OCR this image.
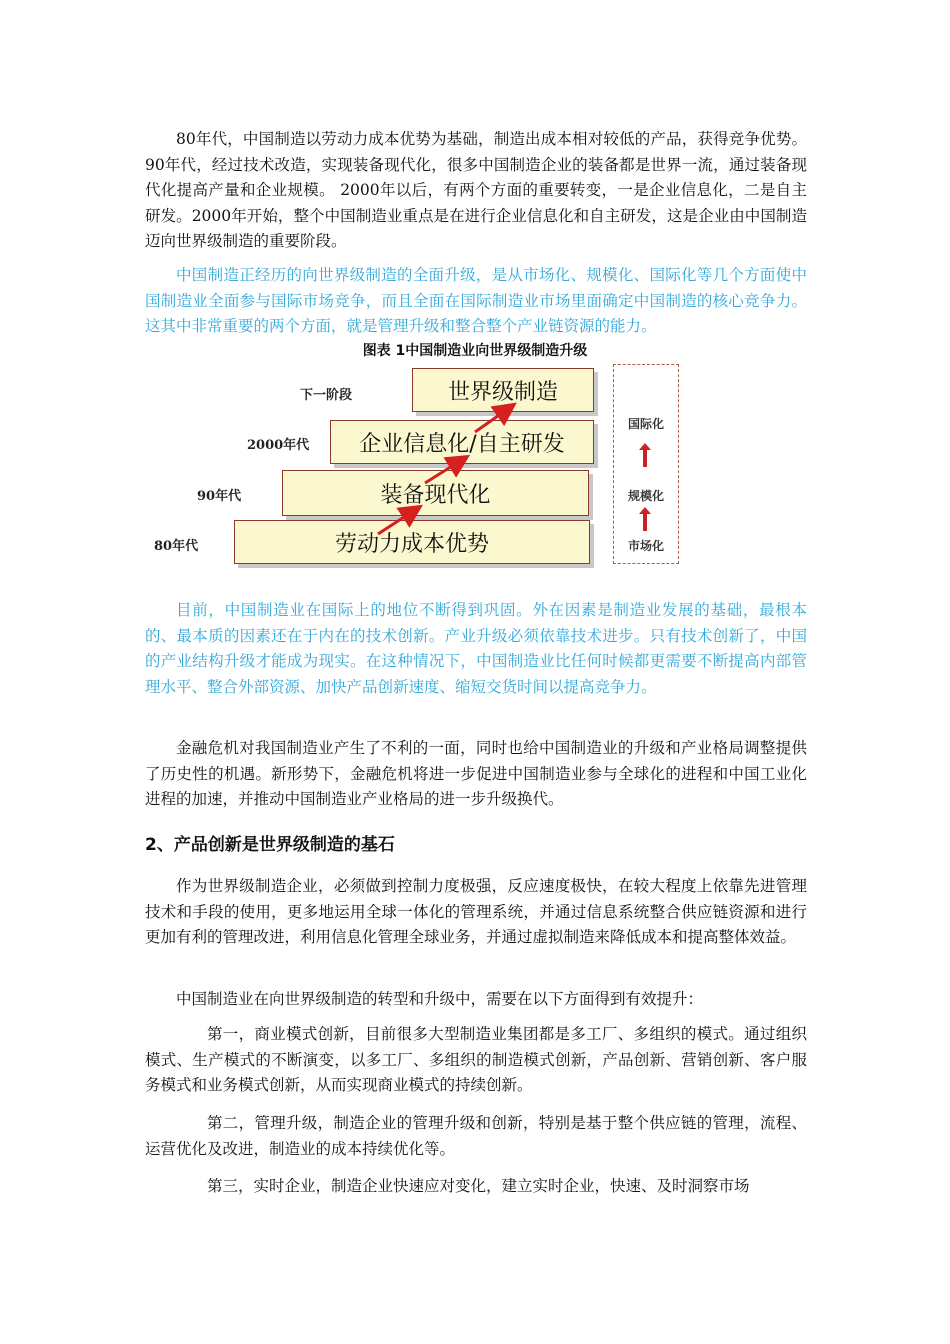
80年代，中国制造以劳动力成本优势为基础，制造出成本相对较低的产品，获得竞争优势。 90年代，经过技术改造，实现装备现代化，很多中国制造企业的装备都是世界一流，通过装备现代化提高产量和企业规模。 2000年以后，有两个方面的重要转变，一是企业信息化，二是自主研发。2000年开始，整个中国制造业重点是在进行企业信息化和自主研发，这是企业由中国制造迈向世界级制造的重要阶段。

中国制造正经历的向世界级制造的全面升级，是从市场化、规模化、国际化等几个方面使中国制造业全面参与国际市场竞争，而且全面在国际制造业市场里面确定中国制造的核心竞争力。这其中非常重要的两个方面，就是管理升级和整合整个产业链资源的能力。

图表 1中国制造业向世界级制造升级

下一阶段
2000年代
90年代
80年代
世界级制造
企业信息化/自主研发
装备现代化
劳动力成本优势
国际化
规模化
市场化

目前，中国制造业在国际上的地位不断得到巩固。外在因素是制造业发展的基础，最根本的、最本质的因素还在于内在的技术创新。产业升级必须依靠技术进步。只有技术创新了，中国的产业结构升级才能成为现实。在这种情况下，中国制造业比任何时候都更需要不断提高内部管理水平、整合外部资源、加快产品创新速度、缩短交货时间以提高竞争力。

金融危机对我国制造业产生了不利的一面，同时也给中国制造业的升级和产业格局调整提供了历史性的机遇。新形势下，金融危机将进一步促进中国制造业参与全球化的进程和中国工业化进程的加速，并推动中国制造业产业格局的进一步升级换代。

2、产品创新是世界级制造的基石

作为世界级制造企业，必须做到控制力度极强，反应速度极快，在较大程度上依靠先进管理技术和手段的使用，更多地运用全球一体化的管理系统，并通过信息系统整合供应链资源和进行更加有利的管理改进，利用信息化管理全球业务，并通过虚拟制造来降低成本和提高整体效益。

中国制造业在向世界级制造的转型和升级中，需要在以下方面得到有效提升：

第一，商业模式创新，目前很多大型制造业集团都是多工厂、多组织的模式。通过组织模式、生产模式的不断演变，以多工厂、多组织的制造模式创新，产品创新、营销创新、客户服务模式和业务模式创新，从而实现商业模式的持续创新。

第二，管理升级，制造企业的管理升级和创新，特别是基于整个供应链的管理，流程、运营优化及改进，制造业的成本持续优化等。

第三，实时企业，制造企业快速应对变化，建立实时企业，快速、及时洞察市场
